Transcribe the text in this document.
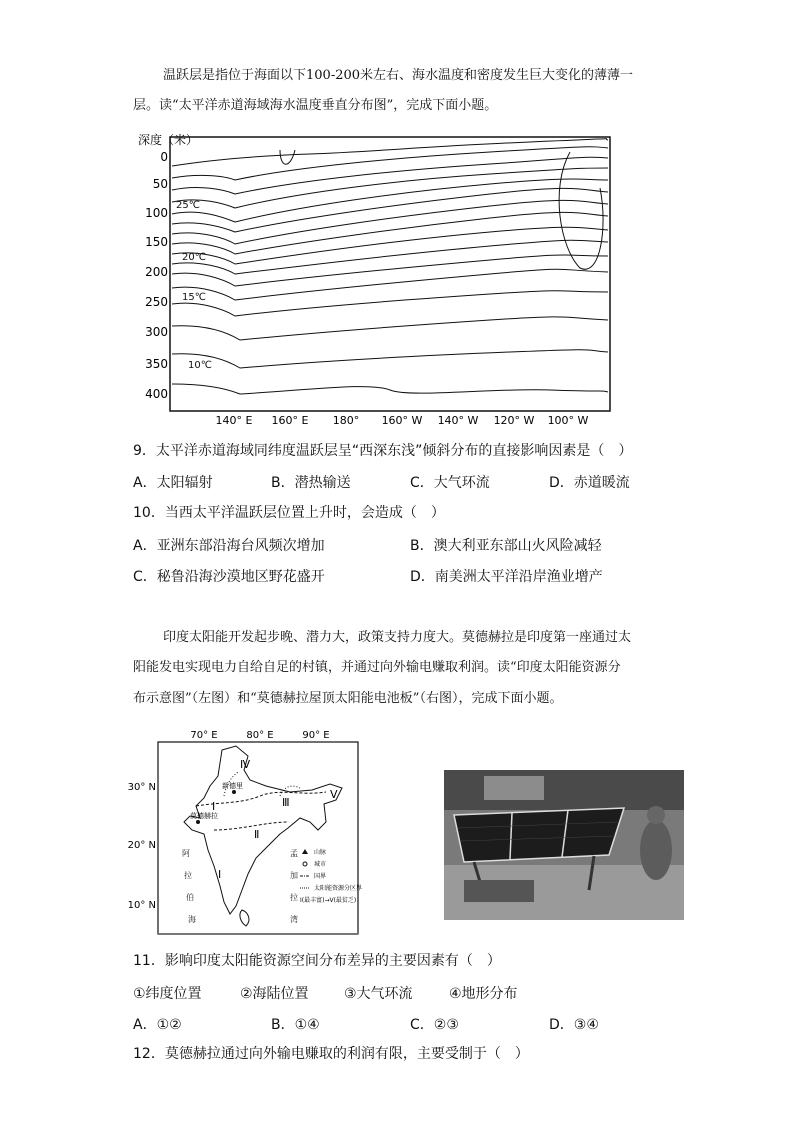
温跃层是指位于海面以下100-200米左右、海水温度和密度发生巨大变化的薄薄一
层。读“太平洋赤道海域海水温度垂直分布图”，完成下面小题。
深度（米）
0
50
100
150
200
250
300
350
400
140° E 160° E 180° 160° W 140° W 120° W 100° W
25℃
20℃
15℃
10℃
9．太平洋赤道海域同纬度温跃层呈“西深东浅”倾斜分布的直接影响因素是（　）
A．太阳辐射	B．潜热输送	C．大气环流	D．赤道暖流
10．当西太平洋温跃层位置上升时，会造成（　）
A．亚洲东部沿海台风频次增加	B．澳大利亚东部山火风险减轻
C．秘鲁沿海沙漠地区野花盛开	D．南美洲太平洋沿岸渔业增产
印度太阳能开发起步晚、潜力大，政策支持力度大。莫德赫拉是印度第一座通过太
阳能发电实现电力自给自足的村镇，并通过向外输电赚取利润。读“印度太阳能资源分
布示意图”（左图）和“莫德赫拉屋顶太阳能电池板”（右图），完成下面小题。
70° E	80° E	90° E
30° N
20° N
10° N
Ⅰ
Ⅱ
Ⅲ
Ⅰ
Ⅳ
Ⅴ
新德里
莫德赫拉
阿
拉
伯
海
孟
加
拉
湾
山脉
城市
国界
太阳能资源分区界
Ⅰ(最丰富)→Ⅴ(最贫乏)
11．影响印度太阳能资源空间分布差异的主要因素有（　）
①纬度位置	②海陆位置	③大气环流	④地形分布
A．①②	B．①④	C．②③	D．③④
12．莫德赫拉通过向外输电赚取的利润有限，主要受制于（　）
